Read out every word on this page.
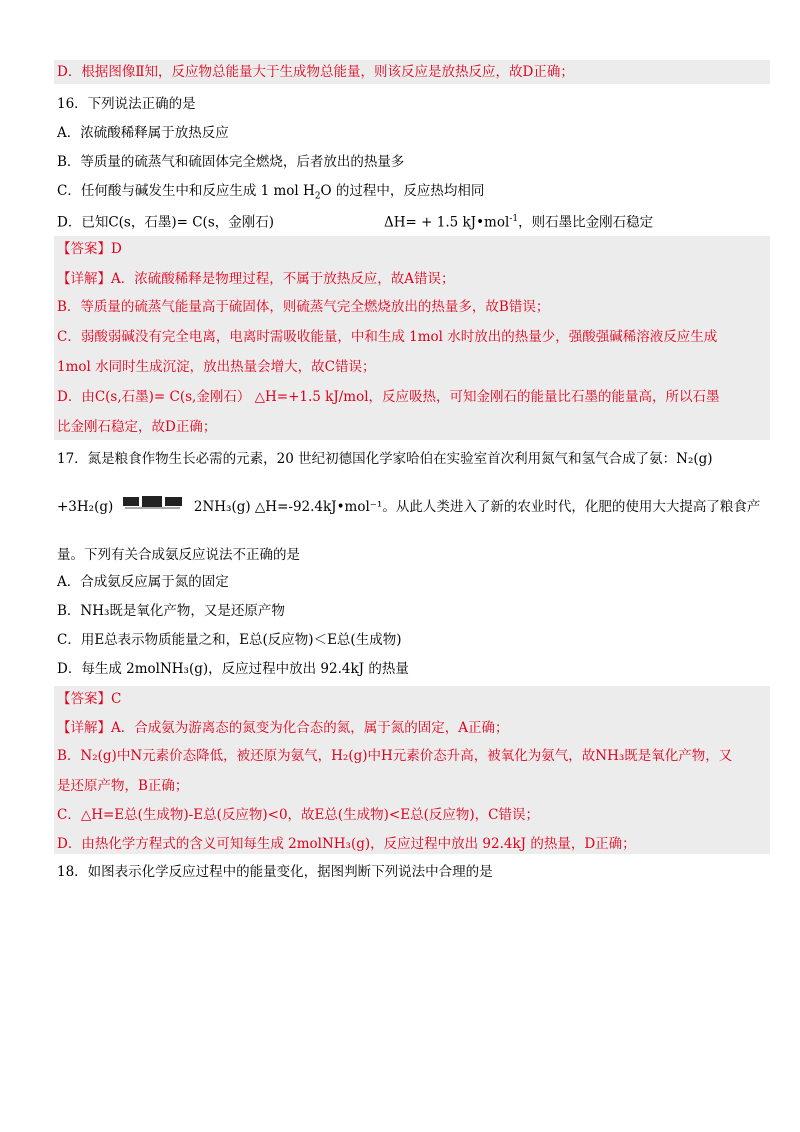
D．根据图像Ⅱ知，反应物总能量大于生成物总能量，则该反应是放热反应，故D正确；
16．下列说法正确的是
A．浓硫酸稀释属于放热反应
B．等质量的硫蒸气和硫固体完全燃烧，后者放出的热量多
C．任何酸与碱发生中和反应生成 1 mol $H_2O$ 的过程中，反应热均相同
D．已知C(s，石墨)= C(s，金刚石)	ΔH= + 1.5 kJ•mol$^{-1}$，则石墨比金刚石稳定
【答案】D
【详解】A．浓硫酸稀释是物理过程，不属于放热反应，故A错误；
B．等质量的硫蒸气能量高于硫固体，则硫蒸气完全燃烧放出的热量多，故B错误；
C．弱酸弱碱没有完全电离，电离时需吸收能量，中和生成 1mol 水时放出的热量少，强酸强碱稀溶液反应生成
1mol 水同时生成沉淀，放出热量会增大，故C错误；
D．由C(s,石墨)= C(s,金刚石） △H=+1.5 kJ/mol，反应吸热，可知金刚石的能量比石墨的能量高，所以石墨
比金刚石稳定，故D正确；
17．氮是粮食作物生长必需的元素，20 世纪初德国化学家哈伯在实验室首次利用氮气和氢气合成了氨：N₂(g)
+3H₂(g)	2NH₃(g) △H=-92.4kJ•mol⁻¹。从此人类进入了新的农业时代，化肥的使用大大提高了粮食产
量。下列有关合成氨反应说法不正确的是
A．合成氨反应属于氮的固定
B．NH₃既是氧化产物，又是还原产物
C．用E总表示物质能量之和，E总(反应物)＜E总(生成物)
D．每生成 2molNH₃(g)，反应过程中放出 92.4kJ 的热量
【答案】C
【详解】A．合成氨为游离态的氮变为化合态的氮，属于氮的固定，A正确；
B．N₂(g)中N元素价态降低，被还原为氨气，H₂(g)中H元素价态升高，被氧化为氨气，故NH₃既是氧化产物，又
是还原产物，B正确；
C．△H=E总(生成物)-E总(反应物)<0，故E总(生成物)<E总(反应物)，C错误；
D．由热化学方程式的含义可知每生成 2molNH₃(g)，反应过程中放出 92.4kJ 的热量，D正确；
18．如图表示化学反应过程中的能量变化，据图判断下列说法中合理的是
